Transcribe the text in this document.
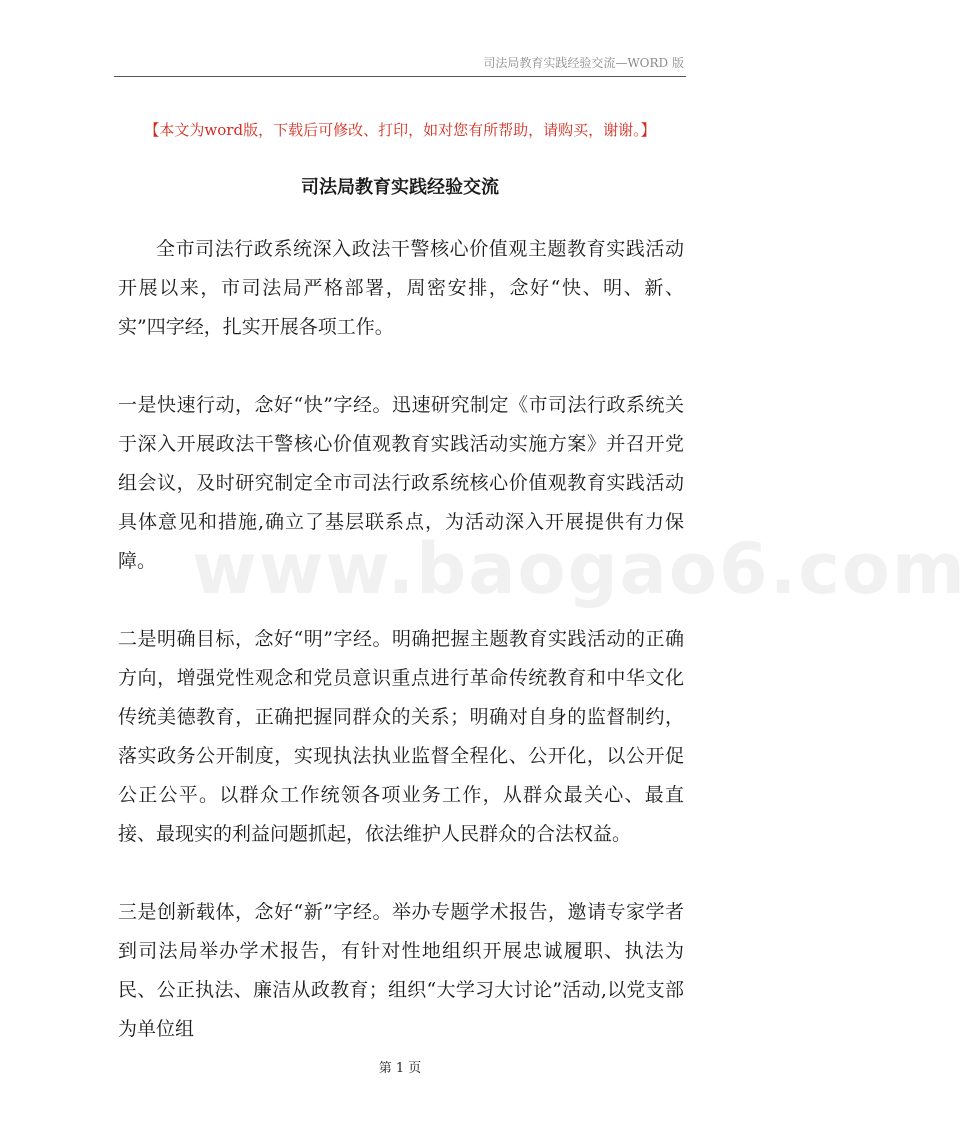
司法局教育实践经验交流—WORD 版
【本文为word版，下载后可修改、打印，如对您有所帮助，请购买，谢谢。】
司法局教育实践经验交流
www.baogao6.com

全市司法行政系统深入政法干警核心价值观主题教育实践活动开展以来，市司法局严格部署，周密安排，念好“快、明、新、实”四字经，扎实开展各项工作。

一是快速行动，念好“快”字经。迅速研究制定《市司法行政系统关于深入开展政法干警核心价值观教育实践活动实施方案》并召开党组会议，及时研究制定全市司法行政系统核心价值观教育实践活动具体意见和措施,确立了基层联系点，为活动深入开展提供有力保障。

二是明确目标，念好“明”字经。明确把握主题教育实践活动的正确方向，增强党性观念和党员意识重点进行革命传统教育和中华文化传统美德教育，正确把握同群众的关系；明确对自身的监督制约，落实政务公开制度，实现执法执业监督全程化、公开化，以公开促公正公平。以群众工作统领各项业务工作，从群众最关心、最直接、最现实的利益问题抓起，依法维护人民群众的合法权益。

三是创新载体，念好“新”字经。举办专题学术报告，邀请专家学者到司法局举办学术报告，有针对性地组织开展忠诚履职、执法为民、公正执法、廉洁从政教育；组织“大学习大讨论”活动,以党支部为单位组

第 1 页
